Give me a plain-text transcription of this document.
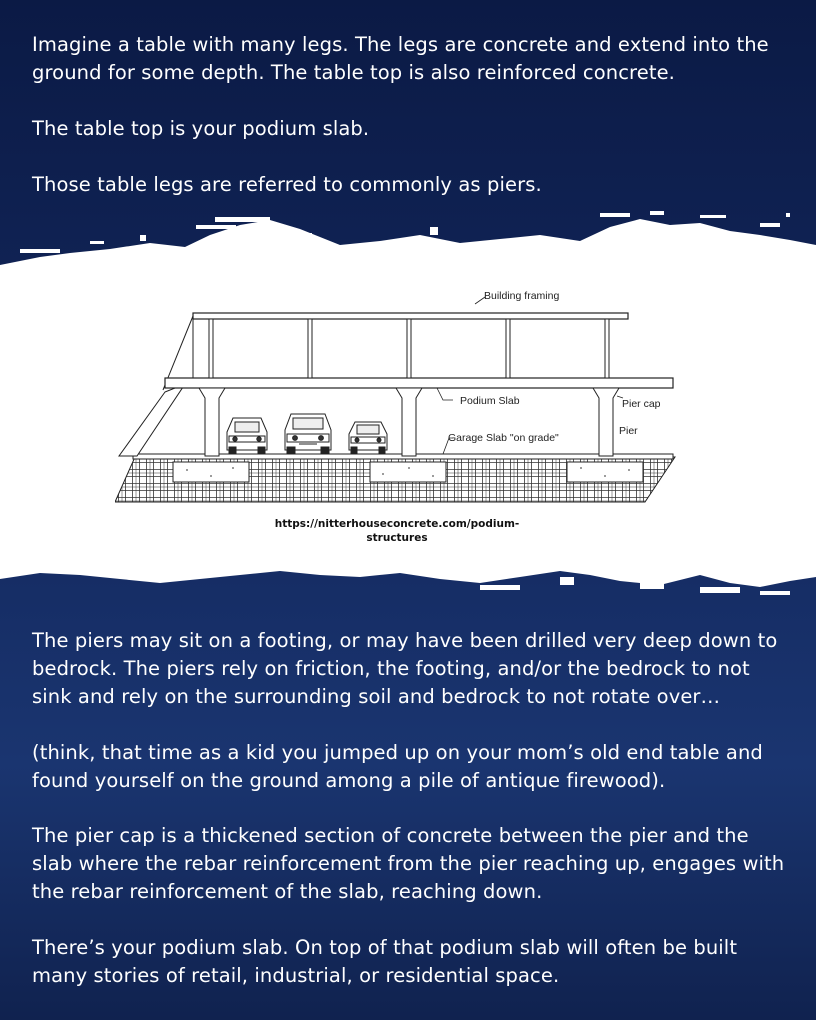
Imagine a table with many legs. The legs are concrete and extend into the ground for some depth. The table top is also reinforced concrete.

The table top is your podium slab.

Those table legs are referred to commonly as piers.

Building framing
Podium Slab	Pier cap
Pier
Garage Slab "on grade"
https://nitterhouseconcrete.com/podium-structures

The piers may sit on a footing, or may have been drilled very deep down to bedrock. The piers rely on friction, the footing, and/or the bedrock to not sink and rely on the surrounding soil and bedrock to not rotate over…

(think, that time as a kid you jumped up on your mom’s old end table and found yourself on the ground among a pile of antique firewood).

The pier cap is a thickened section of concrete between the pier and the slab where the rebar reinforcement from the pier reaching up, engages with the rebar reinforcement of the slab, reaching down.

There’s your podium slab. On top of that podium slab will often be built many stories of retail, industrial, or residential space.
